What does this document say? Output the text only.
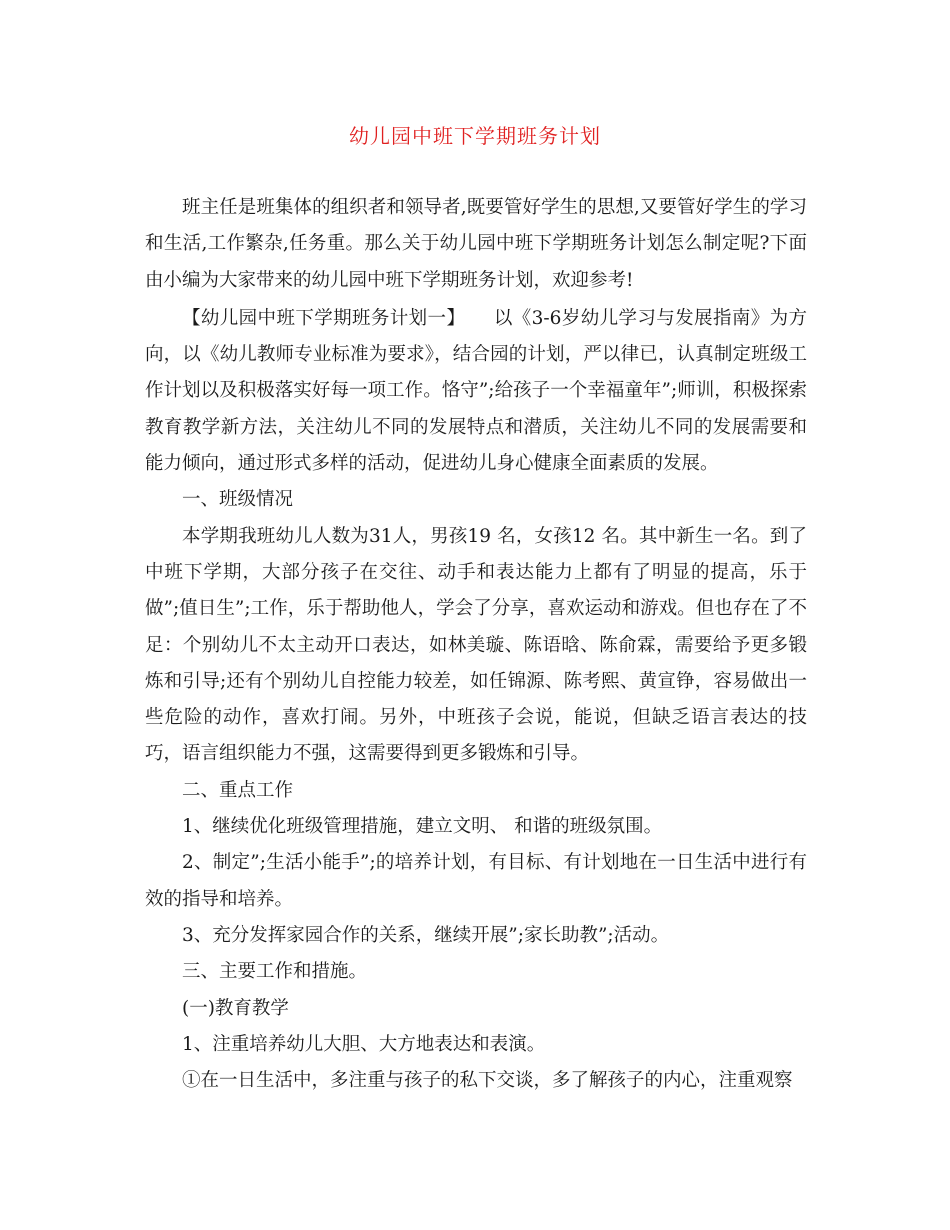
幼儿园中班下学期班务计划

班主任是班集体的组织者和领导者,既要管好学生的思想,又要管好学生的学习和生活,工作繁杂,任务重。那么关于幼儿园中班下学期班务计划怎么制定呢?下面由小编为大家带来的幼儿园中班下学期班务计划，欢迎参考!

【幼儿园中班下学期班务计划一】　　以《3-6岁幼儿学习与发展指南》为方向，以《幼儿教师专业标准为要求》，结合园的计划，严以律已，认真制定班级工作计划以及积极落实好每一项工作。恪守”;给孩子一个幸福童年”;师训，积极探索教育教学新方法，关注幼儿不同的发展特点和潜质，关注幼儿不同的发展需要和能力倾向，通过形式多样的活动，促进幼儿身心健康全面素质的发展。

一、班级情况

本学期我班幼儿人数为31人，男孩19 名，女孩12 名。其中新生一名。到了中班下学期，大部分孩子在交往、动手和表达能力上都有了明显的提高，乐于做”;值日生”;工作，乐于帮助他人，学会了分享，喜欢运动和游戏。但也存在了不足：个别幼儿不太主动开口表达，如林美璇、陈语晗、陈俞霖，需要给予更多锻炼和引导;还有个别幼儿自控能力较差，如任锦源、陈考熙、黄宣铮，容易做出一些危险的动作，喜欢打闹。另外，中班孩子会说，能说，但缺乏语言表达的技巧，语言组织能力不强，这需要得到更多锻炼和引导。

二、重点工作

1、继续优化班级管理措施，建立文明、 和谐的班级氛围。

2、制定”;生活小能手”;的培养计划，有目标、有计划地在一日生活中进行有效的指导和培养。

3、充分发挥家园合作的关系，继续开展”;家长助教”;活动。

三、主要工作和措施。

(一)教育教学

1、注重培养幼儿大胆、大方地表达和表演。

①在一日生活中，多注重与孩子的私下交谈，多了解孩子的内心，注重观察
